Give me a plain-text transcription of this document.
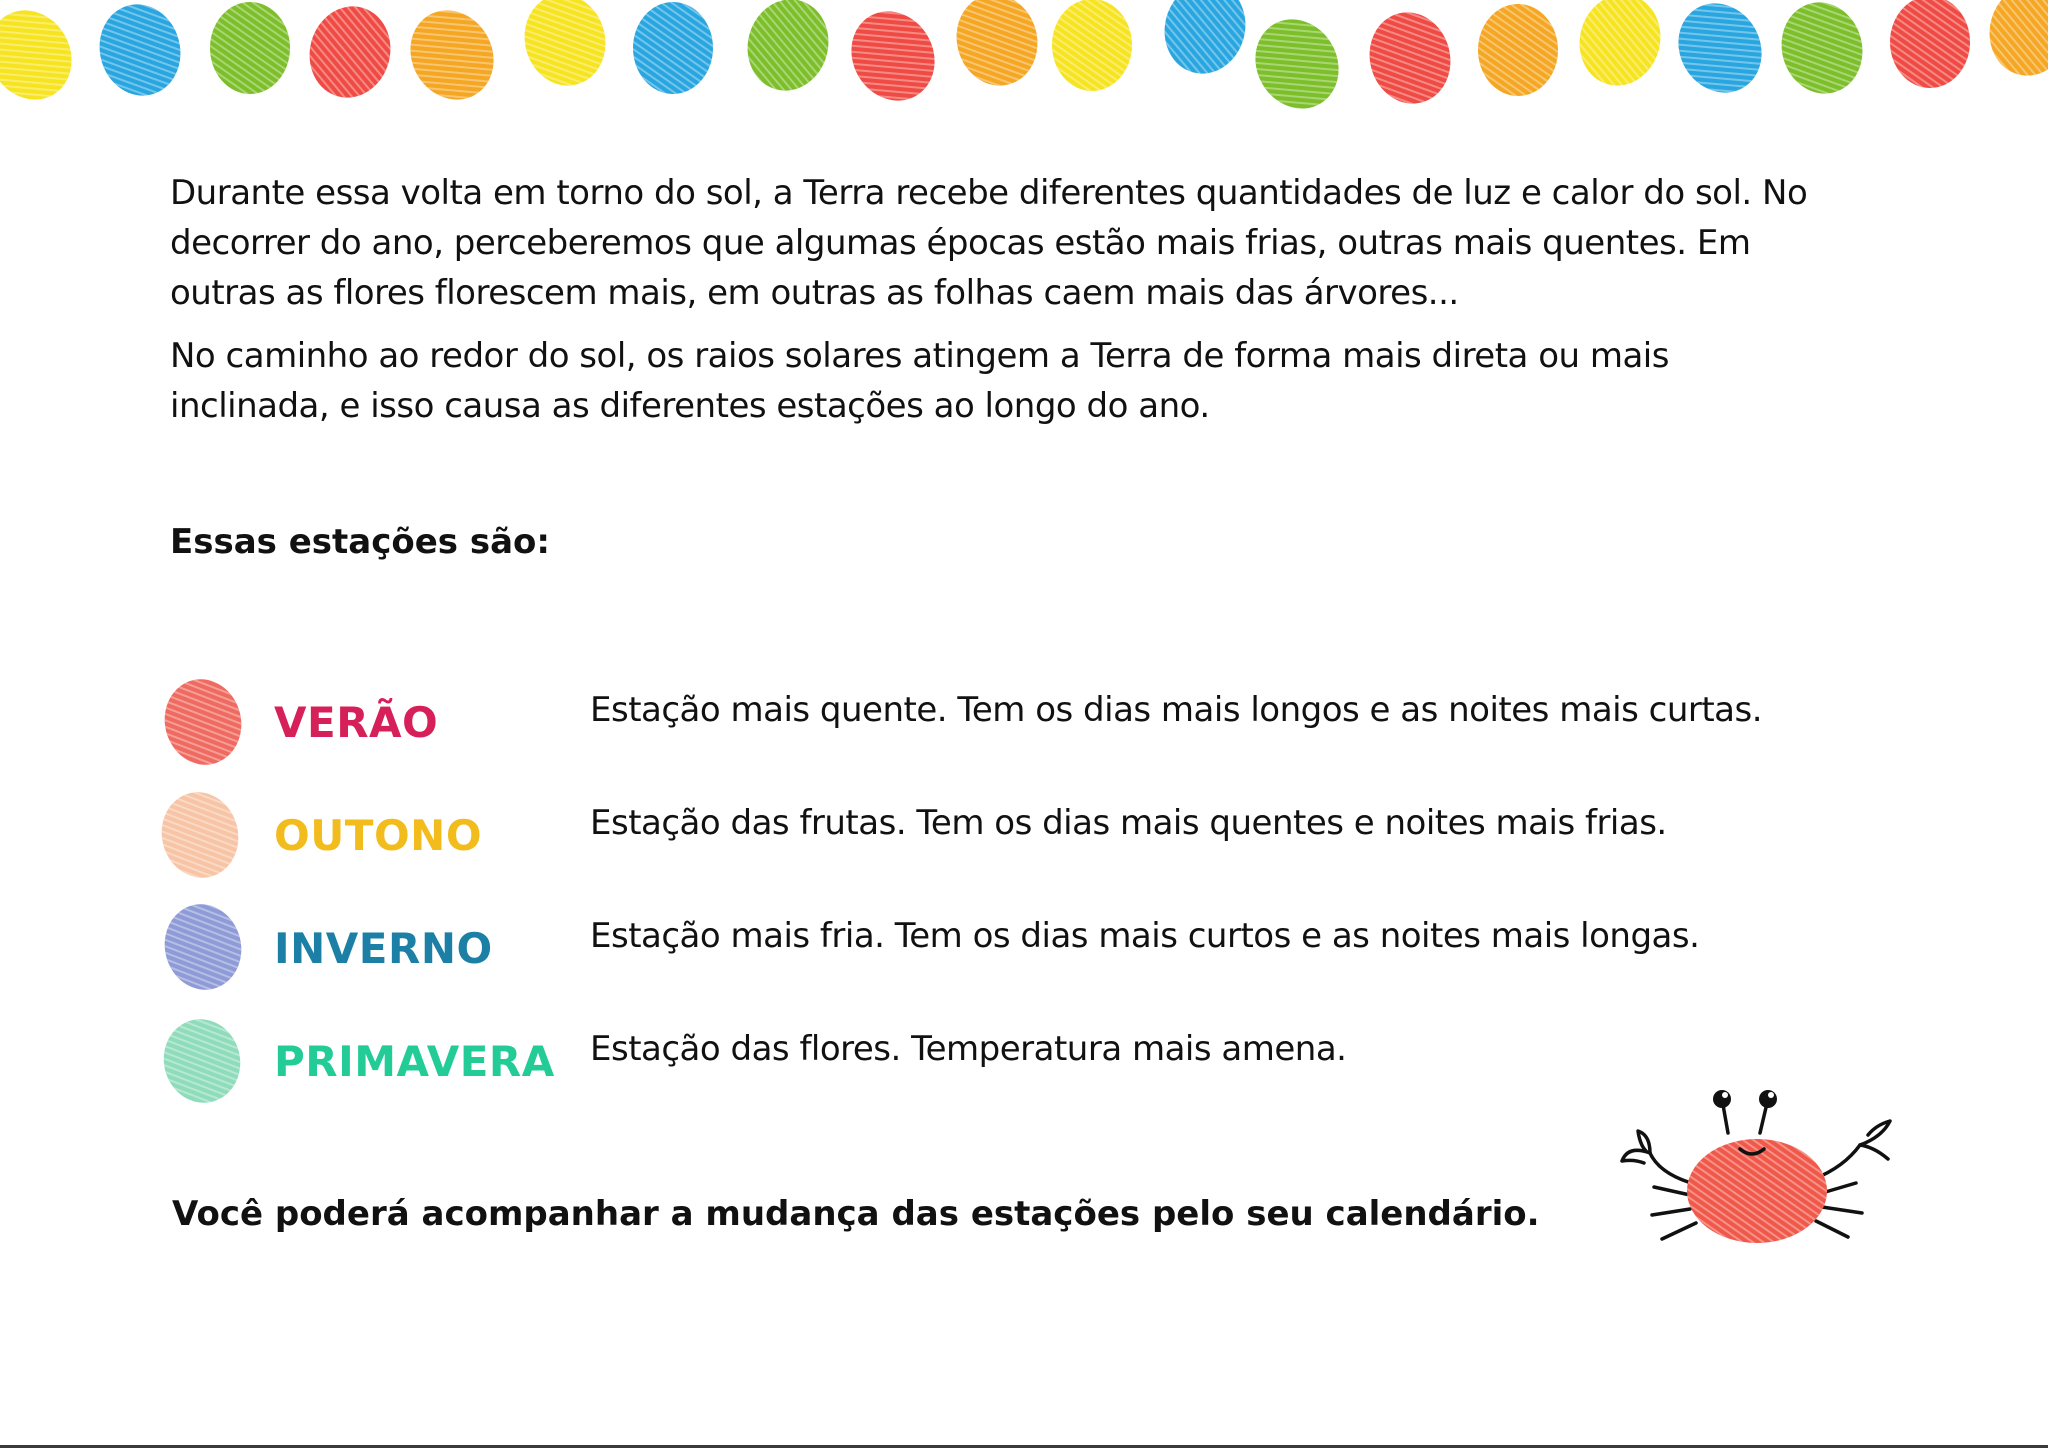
Durante essa volta em torno do sol, a Terra recebe diferentes quantidades de luz e calor do sol. No decorrer do ano, perceberemos que algumas épocas estão mais frias, outras mais quentes. Em outras as flores florescem mais, em outras as folhas caem mais das árvores...

No caminho ao redor do sol, os raios solares atingem a Terra de forma mais direta ou mais inclinada, e isso causa as diferentes estações ao longo do ano.

Essas estações são:
VERÃO	Estação mais quente. Tem os dias mais longos e as noites mais curtas.
OUTONO	Estação das frutas. Tem os dias mais quentes e noites mais frias.
INVERNO	Estação mais fria. Tem os dias mais curtos e as noites mais longas.
PRIMAVERA Estação das flores. Temperatura mais amena.

Você poderá acompanhar a mudança das estações pelo seu calendário.
